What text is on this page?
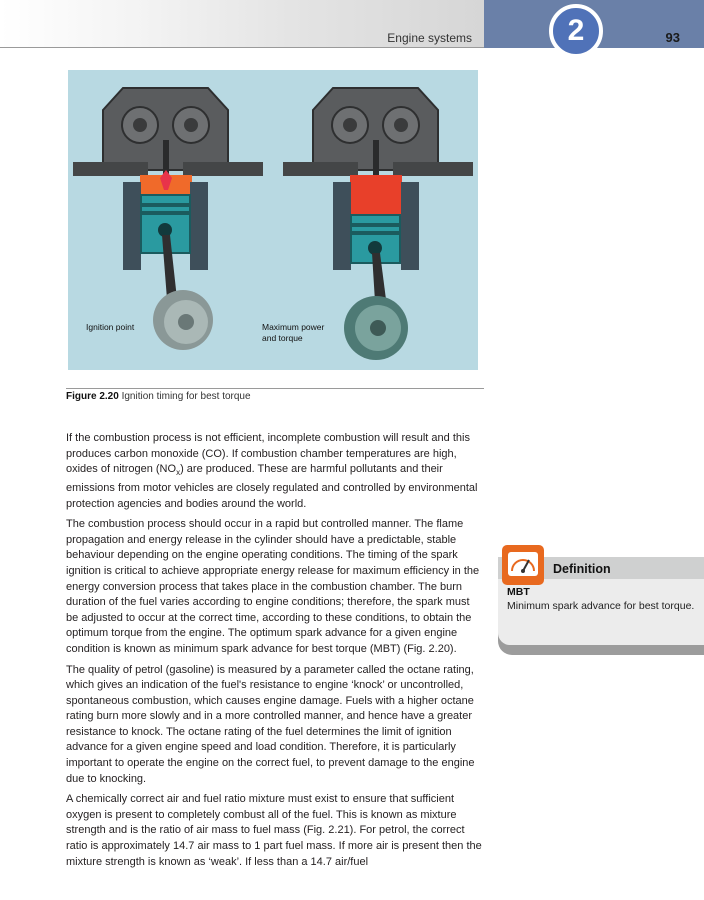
Engine systems	2	93
Ignition point	Maximum power
and torque
Figure 2.20 Ignition timing for best torque

If the combustion process is not efficient, incomplete combustion will result and this produces carbon monoxide (CO). If combustion chamber temperatures are high, oxides of nitrogen $(NO_x)$ are produced. These are harmful pollutants and their emissions from motor vehicles are closely regulated and controlled by environmental protection agencies and bodies around the world.

The combustion process should occur in a rapid but controlled manner. The flame propagation and energy release in the cylinder should have a predictable, stable behaviour depending on the engine operating conditions. The timing of the spark ignition is critical to achieve appropriate energy release for maximum efficiency in the energy conversion process that takes place in the combustion chamber. The burn duration of the fuel varies according to engine conditions; therefore, the spark must be adjusted to occur at the correct time, according to these conditions, to obtain the optimum torque from the engine. The optimum spark advance for a given engine condition is known as minimum spark advance for best torque (MBT) (Fig. 2.20).

The quality of petrol (gasoline) is measured by a parameter called the octane rating, which gives an indication of the fuel's resistance to engine ‘knock’ or uncontrolled, spontaneous combustion, which causes engine damage. Fuels with a higher octane rating burn more slowly and in a more controlled manner, and hence have a greater resistance to knock. The octane rating of the fuel determines the limit of ignition advance for a given engine speed and load condition. Therefore, it is particularly important to operate the engine on the correct fuel, to prevent damage to the engine due to knocking.

A chemically correct air and fuel ratio mixture must exist to ensure that sufficient oxygen is present to completely combust all of the fuel. This is known as mixture strength and is the ratio of air mass to fuel mass (Fig. 2.21). For petrol, the correct ratio is approximately 14.7 air mass to 1 part fuel mass. If more air is present then the mixture strength is known as ‘weak’. If less than a 14.7 air/fuel

Definition
MBT
Minimum spark advance for best torque.
